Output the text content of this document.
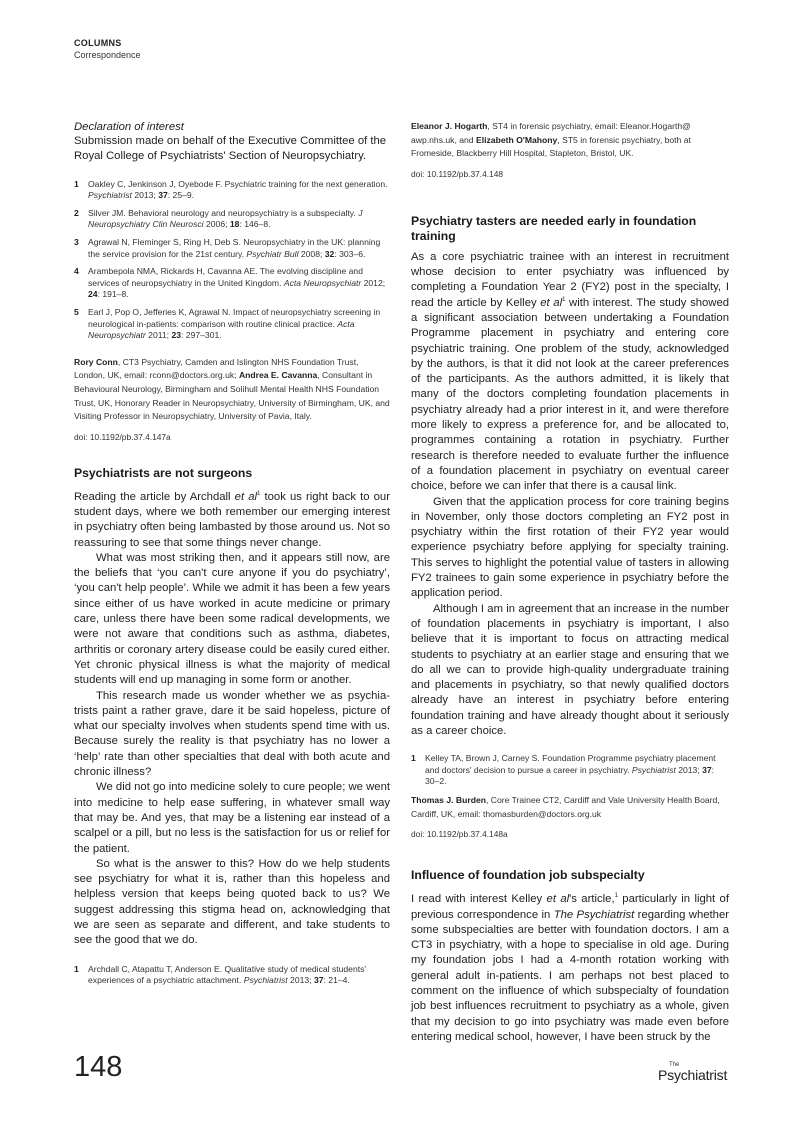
COLUMNS
Correspondence

Declaration of interest

Submission made on behalf of the Executive Committee of the Royal College of Psychiatrists' Section of Neuropsychiatry.

1 Oakley C, Jenkinson J, Oyebode F. Psychiatric training for the next generation. Psychiatrist 2013; 37: 25–9.
2 Silver JM. Behavioral neurology and neuropsychiatry is a subspecialty. J Neuropsychiatry Clin Neurosci 2006; 18: 146–8.
3 Agrawal N, Fleminger S, Ring H, Deb S. Neuropsychiatry in the UK: planning the service provision for the 21st century. Psychiatr Bull 2008; 32: 303–6.
4 Arambepola NMA, Rickards H, Cavanna AE. The evolving discipline and services of neuropsychiatry in the United Kingdom. Acta Neuropsychiatr 2012; 24: 191–8.
5 Earl J, Pop O, Jefferies K, Agrawal N. Impact of neuropsychiatry screening in neurological in-patients: comparison with routine clinical practice. Acta Neuropsychiatr 2011; 23: 297–301.

Rory Conn, CT3 Psychiatry, Camden and Islington NHS Foundation Trust, London, UK, email: rconn@doctors.org.uk; Andrea E. Cavanna, Consultant in Behavioural Neurology, Birmingham and Solihull Mental Health NHS Foundation Trust, UK, Honorary Reader in Neuropsychiatry, University of Birmingham, UK, and Visiting Professor in Neuropsychiatry, University of Pavia, Italy.

doi: 10.1192/pb.37.4.147a

Psychiatrists are not surgeons

Reading the article by Archdall et $al^1$ took us right back to our student days, where we both remember our emerging interest in psychiatry often being lambasted by those around us. Not so reassuring to see that some things never change.

What was most striking then, and it appears still now, are the beliefs that ‘you can't cure anyone if you do psychiatry’, ‘you can't help people’. While we admit it has been a few years since either of us have worked in acute medicine or primary care, unless there have been some radical developments, we were not aware that conditions such as asthma, diabetes, arthritis or coronary artery disease could be easily cured either. Yet chronic physical illness is what the majority of medical students will end up managing in some form or another.

This research made us wonder whether we as psychia-trists paint a rather grave, dare it be said hopeless, picture of what our specialty involves when students spend time with us. Because surely the reality is that psychiatry has no lower a ‘help’ rate than other specialties that deal with both acute and chronic illness?

We did not go into medicine solely to cure people; we went into medicine to help ease suffering, in whatever small way that may be. And yes, that may be a listening ear instead of a scalpel or a pill, but no less is the satisfaction for us or relief for the patient.

So what is the answer to this? How do we help students see psychiatry for what it is, rather than this hopeless and helpless version that keeps being quoted back to us? We suggest addressing this stigma head on, acknowledging that we are seen as separate and different, and take students to see the good that we do.

1 Archdall C, Atapattu T, Anderson E. Qualitative study of medical students' experiences of a psychiatric attachment. Psychiatrist 2013; 37: 21–4.

Eleanor J. Hogarth, ST4 in forensic psychiatry, email: Eleanor.Hogarth@ awp.nhs.uk, and Elizabeth O'Mahony, ST5 in forensic psychiatry, both at Fromeside, Blackberry Hill Hospital, Stapleton, Bristol, UK.

doi: 10.1192/pb.37.4.148

Psychiatry tasters are needed early in foundation training

As a core psychiatric trainee with an interest in recruitment whose decision to enter psychiatry was influenced by completing a Foundation Year 2 (FY2) post in the specialty, I read the article by Kelley et $al^1$ with interest. The study showed a significant association between undertaking a Foundation Programme placement in psychiatry and entering core psychiatric training. One problem of the study, acknowledged by the authors, is that it did not look at the career preferences of the participants. As the authors admitted, it is likely that many of the doctors completing foundation placements in psychiatry already had a prior interest in it, and were therefore more likely to express a preference for, and be allocated to, programmes containing a rotation in psychiatry. Further research is therefore needed to evaluate further the influence of a foundation placement in psychiatry on eventual career choice, before we can infer that there is a causal link.

Given that the application process for core training begins in November, only those doctors completing an FY2 post in psychiatry within the first rotation of their FY2 year would experience psychiatry before applying for specialty training. This serves to highlight the potential value of tasters in allowing FY2 trainees to gain some experience in psychiatry before the application period.

Although I am in agreement that an increase in the number of foundation placements in psychiatry is important, I also believe that it is important to focus on attracting medical students to psychiatry at an earlier stage and ensuring that we do all we can to provide high-quality undergraduate training and placements in psychiatry, so that newly qualified doctors already have an interest in psychiatry before entering foundation training and have already thought about it seriously as a career choice.

1 Kelley TA, Brown J, Carney S. Foundation Programme psychiatry placement and doctors' decision to pursue a career in psychiatry. Psychiatrist 2013; 37: 30–2.

Thomas J. Burden, Core Trainee CT2, Cardiff and Vale University Health Board, Cardiff, UK, email: thomasburden@doctors.org.uk

doi: 10.1192/pb.37.4.148a

Influence of foundation job subspecialty

I read with interest Kelley et al's article,$^1$ particularly in light of previous correspondence in The Psychiatrist regarding whether some subspecialties are better with foundation doctors. I am a CT3 in psychiatry, with a hope to specialise in old age. During my foundation jobs I had a 4-month rotation working with general adult in-patients. I am perhaps not best placed to comment on the influence of which subspecialty of foundation job best influences recruitment to psychiatry as a whole, given that my decision to go into psychiatry was made even before entering medical school, however, I have been struck by the

148	The
Psychiatrist
